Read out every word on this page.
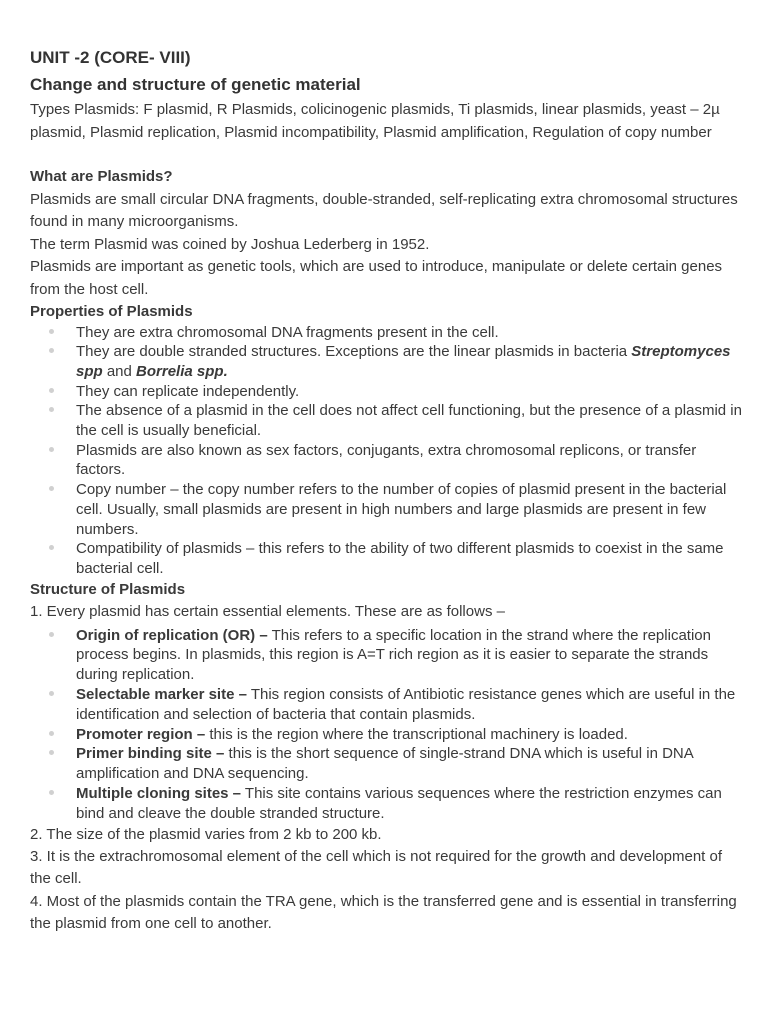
UNIT -2 (CORE- VIII)
Change and structure of genetic material

Types Plasmids: F plasmid, R Plasmids, colicinogenic plasmids, Ti plasmids, linear plasmids, yeast – 2µ plasmid, Plasmid replication, Plasmid incompatibility, Plasmid amplification, Regulation of copy number

What are Plasmids?

Plasmids are small circular DNA fragments, double-stranded, self-replicating extra chromosomal structures found in many microorganisms.

The term Plasmid was coined by Joshua Lederberg in 1952.

Plasmids are important as genetic tools, which are used to introduce, manipulate or delete certain genes from the host cell.

Properties of Plasmids

They are extra chromosomal DNA fragments present in the cell.
They are double stranded structures. Exceptions are the linear plasmids in bacteria Streptomyces spp and Borrelia spp.
They can replicate independently.
The absence of a plasmid in the cell does not affect cell functioning, but the presence of a plasmid in the cell is usually beneficial.
Plasmids are also known as sex factors, conjugants, extra chromosomal replicons, or transfer factors.
Copy number – the copy number refers to the number of copies of plasmid present in the bacterial cell. Usually, small plasmids are present in high numbers and large plasmids are present in few numbers.
Compatibility of plasmids – this refers to the ability of two different plasmids to coexist in the same bacterial cell.

Structure of Plasmids

1. Every plasmid has certain essential elements. These are as follows –

Origin of replication (OR) – This refers to a specific location in the strand where the replication process begins. In plasmids, this region is A=T rich region as it is easier to separate the strands during replication.
Selectable marker site – This region consists of Antibiotic resistance genes which are useful in the identification and selection of bacteria that contain plasmids.
Promoter region – this is the region where the transcriptional machinery is loaded.
Primer binding site – this is the short sequence of single-strand DNA which is useful in DNA amplification and DNA sequencing.
Multiple cloning sites – This site contains various sequences where the restriction enzymes can bind and cleave the double stranded structure.

2. The size of the plasmid varies from 2 kb to 200 kb.

3. It is the extrachromosomal element of the cell which is not required for the growth and development of the cell.

4. Most of the plasmids contain the TRA gene, which is the transferred gene and is essential in transferring the plasmid from one cell to another.
